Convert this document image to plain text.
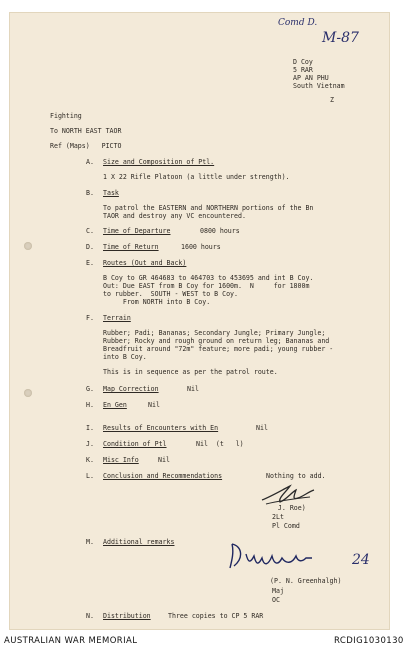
Comd D.
M-87
D Coy
5 RAR
AP AN PHU
South Vietnam
Z
Fighting
To NORTH EAST TAOR
Ref (Maps)   PICTO
A. Size and Composition of Ptl.
1 X 22 Rifle Platoon (a little under strength).
B. Task
To patrol the EASTERN and NORTHERN portions of the Bn
TAOR and destroy any VC encountered.
C. Time of Departure	0800 hours
D. Time of Return	1600 hours
E. Routes (Out and Back)
B Coy to GR 464683 to 464703 to 453695 and int B Coy.
Out: Due EAST from B Coy for 1600m.  N     for 1800m
to rubber.  SOUTH - WEST to B Coy.
From NORTH into B Coy.
F. Terrain
Rubber; Padi; Bananas; Secondary Jungle; Primary Jungle;
Rubber; Rocky and rough ground on return leg; Bananas and
Breadfruit around "72m" feature; more padi; young rubber -
into B Coy.
This is in sequence as per the patrol route.
G. Map Correction	Nil
H. En Gen	Nil
I. Results of Encounters with En	Nil
J. Condition of Ptl	Nil  (t   l)
K. Misc Info	Nil
L. Conclusion and Recommendations	Nothing to add.
J. Roe)
2Lt
Pl Comd
M. Additional remarks
24
(P. N. Greenhalgh)
Maj
OC
N. Distribution	Three copies to CP 5 RAR
AUSTRALIAN WAR MEMORIAL	RCDIG1030130
